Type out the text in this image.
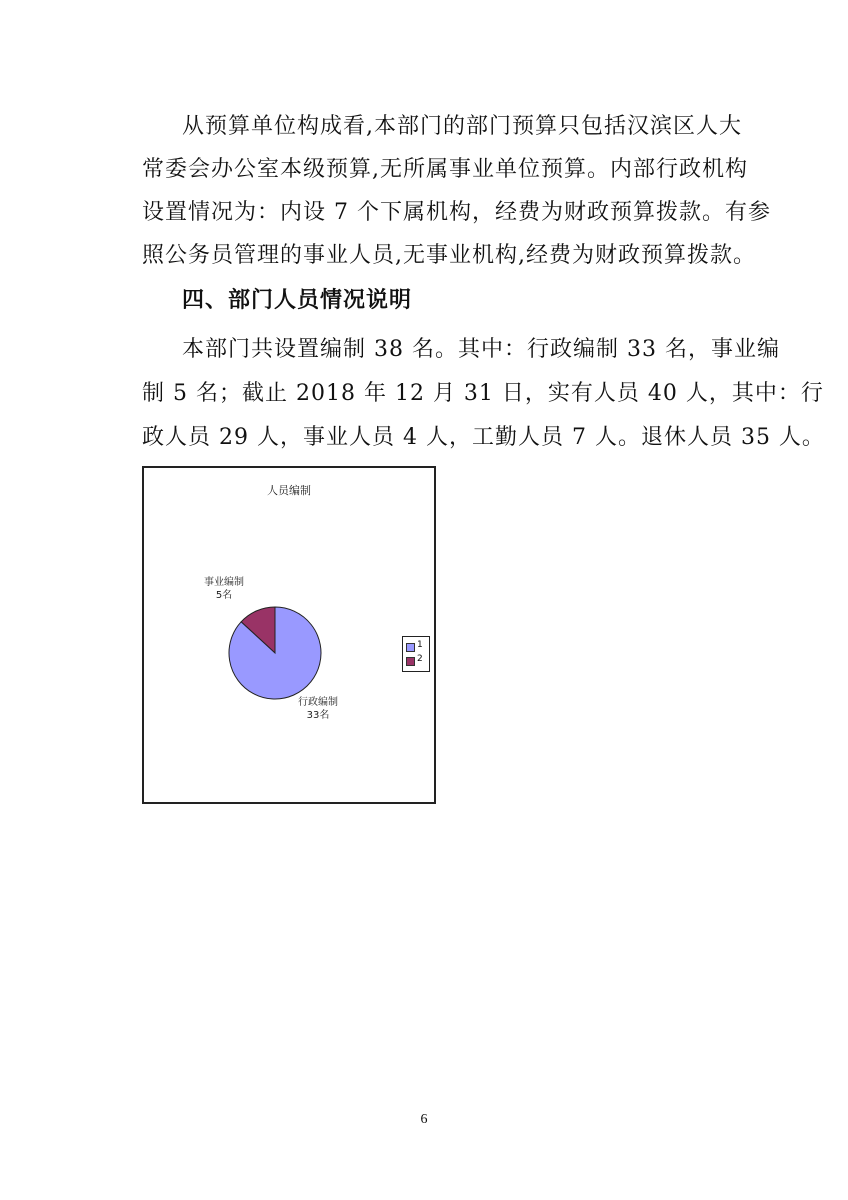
从预算单位构成看,本部门的部门预算只包括汉滨区人大
常委会办公室本级预算,无所属事业单位预算。内部行政机构
设置情况为：内设 7 个下属机构，经费为财政预算拨款。有参
照公务员管理的事业人员,无事业机构,经费为财政预算拨款。
四、部门人员情况说明
本部门共设置编制 38 名。其中：行政编制 33 名，事业编
制 5 名；截止 2018 年 12 月 31 日，实有人员 40 人，其中：行
政人员 29 人，事业人员 4 人，工勤人员 7 人。退休人员 35 人。
人员编制
事业编制
5名
行政编制
33名
1
2
6
